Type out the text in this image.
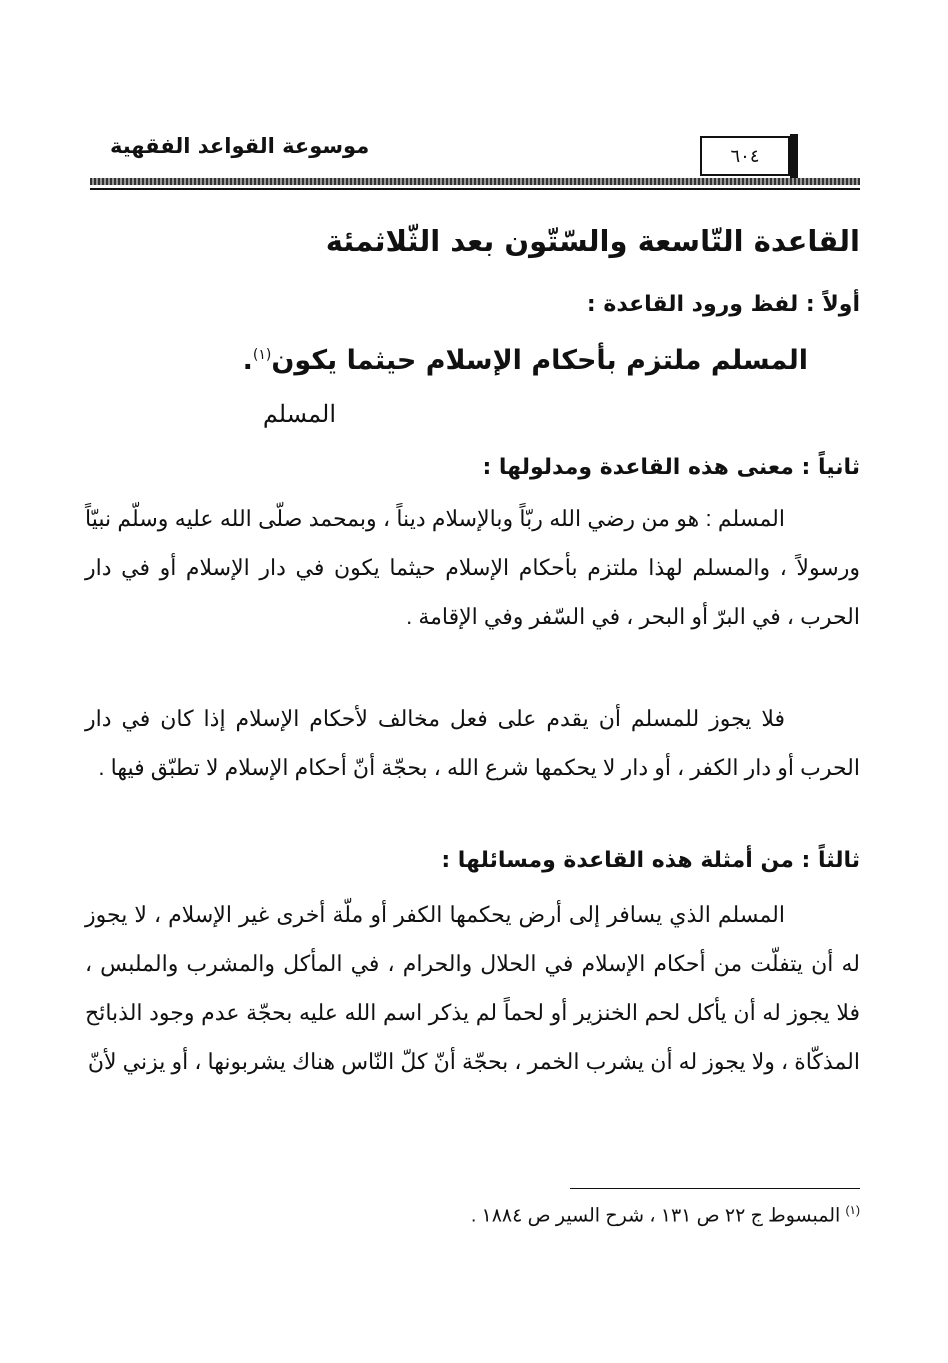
٦٠٤
موسوعة القواعد الفقهية
القاعدة التّاسعة والسّتّون بعد الثّلاثمئة
أولاً : لفظ ورود القاعدة :
المسلم ملتزم بأحكام الإسلام حيثما يكون$^{(١)}$.
المسلم
ثانياً : معنى هذه القاعدة ومدلولها :
المسلم : هو من رضي الله ربّاً وبالإسلام ديناً ، وبمحمد صلّى الله عليه وسلّم نبيّاً ورسولاً ، والمسلم لهذا ملتزم بأحكام الإسلام حيثما يكون في دار الإسلام أو في دار الحرب ، في البرّ أو البحر ، في السّفر وفي الإقامة .
فلا يجوز للمسلم أن يقدم على فعل مخالف لأحكام الإسلام إذا كان في دار الحرب أو دار الكفر ، أو دار لا يحكمها شرع الله ، بحجّة أنّ أحكام الإسلام لا تطبّق فيها .
ثالثاً : من أمثلة هذه القاعدة ومسائلها :
المسلم الذي يسافر إلى أرض يحكمها الكفر أو ملّة أخرى غير الإسلام ، لا يجوز له أن يتفلّت من أحكام الإسلام في الحلال والحرام ، في المأكل والمشرب والملبس ، فلا يجوز له أن يأكل لحم الخنزير أو لحماً لم يذكر اسم الله عليه بحجّة عدم وجود الذبائح المذكّاة ، ولا يجوز له أن يشرب الخمر ، بحجّة أنّ كلّ النّاس هناك يشربونها ، أو يزني لأنّ
$^{(١)}$ المبسوط ج ٢٢ ص ١٣١ ، شرح السير ص ١٨٨٤ .
